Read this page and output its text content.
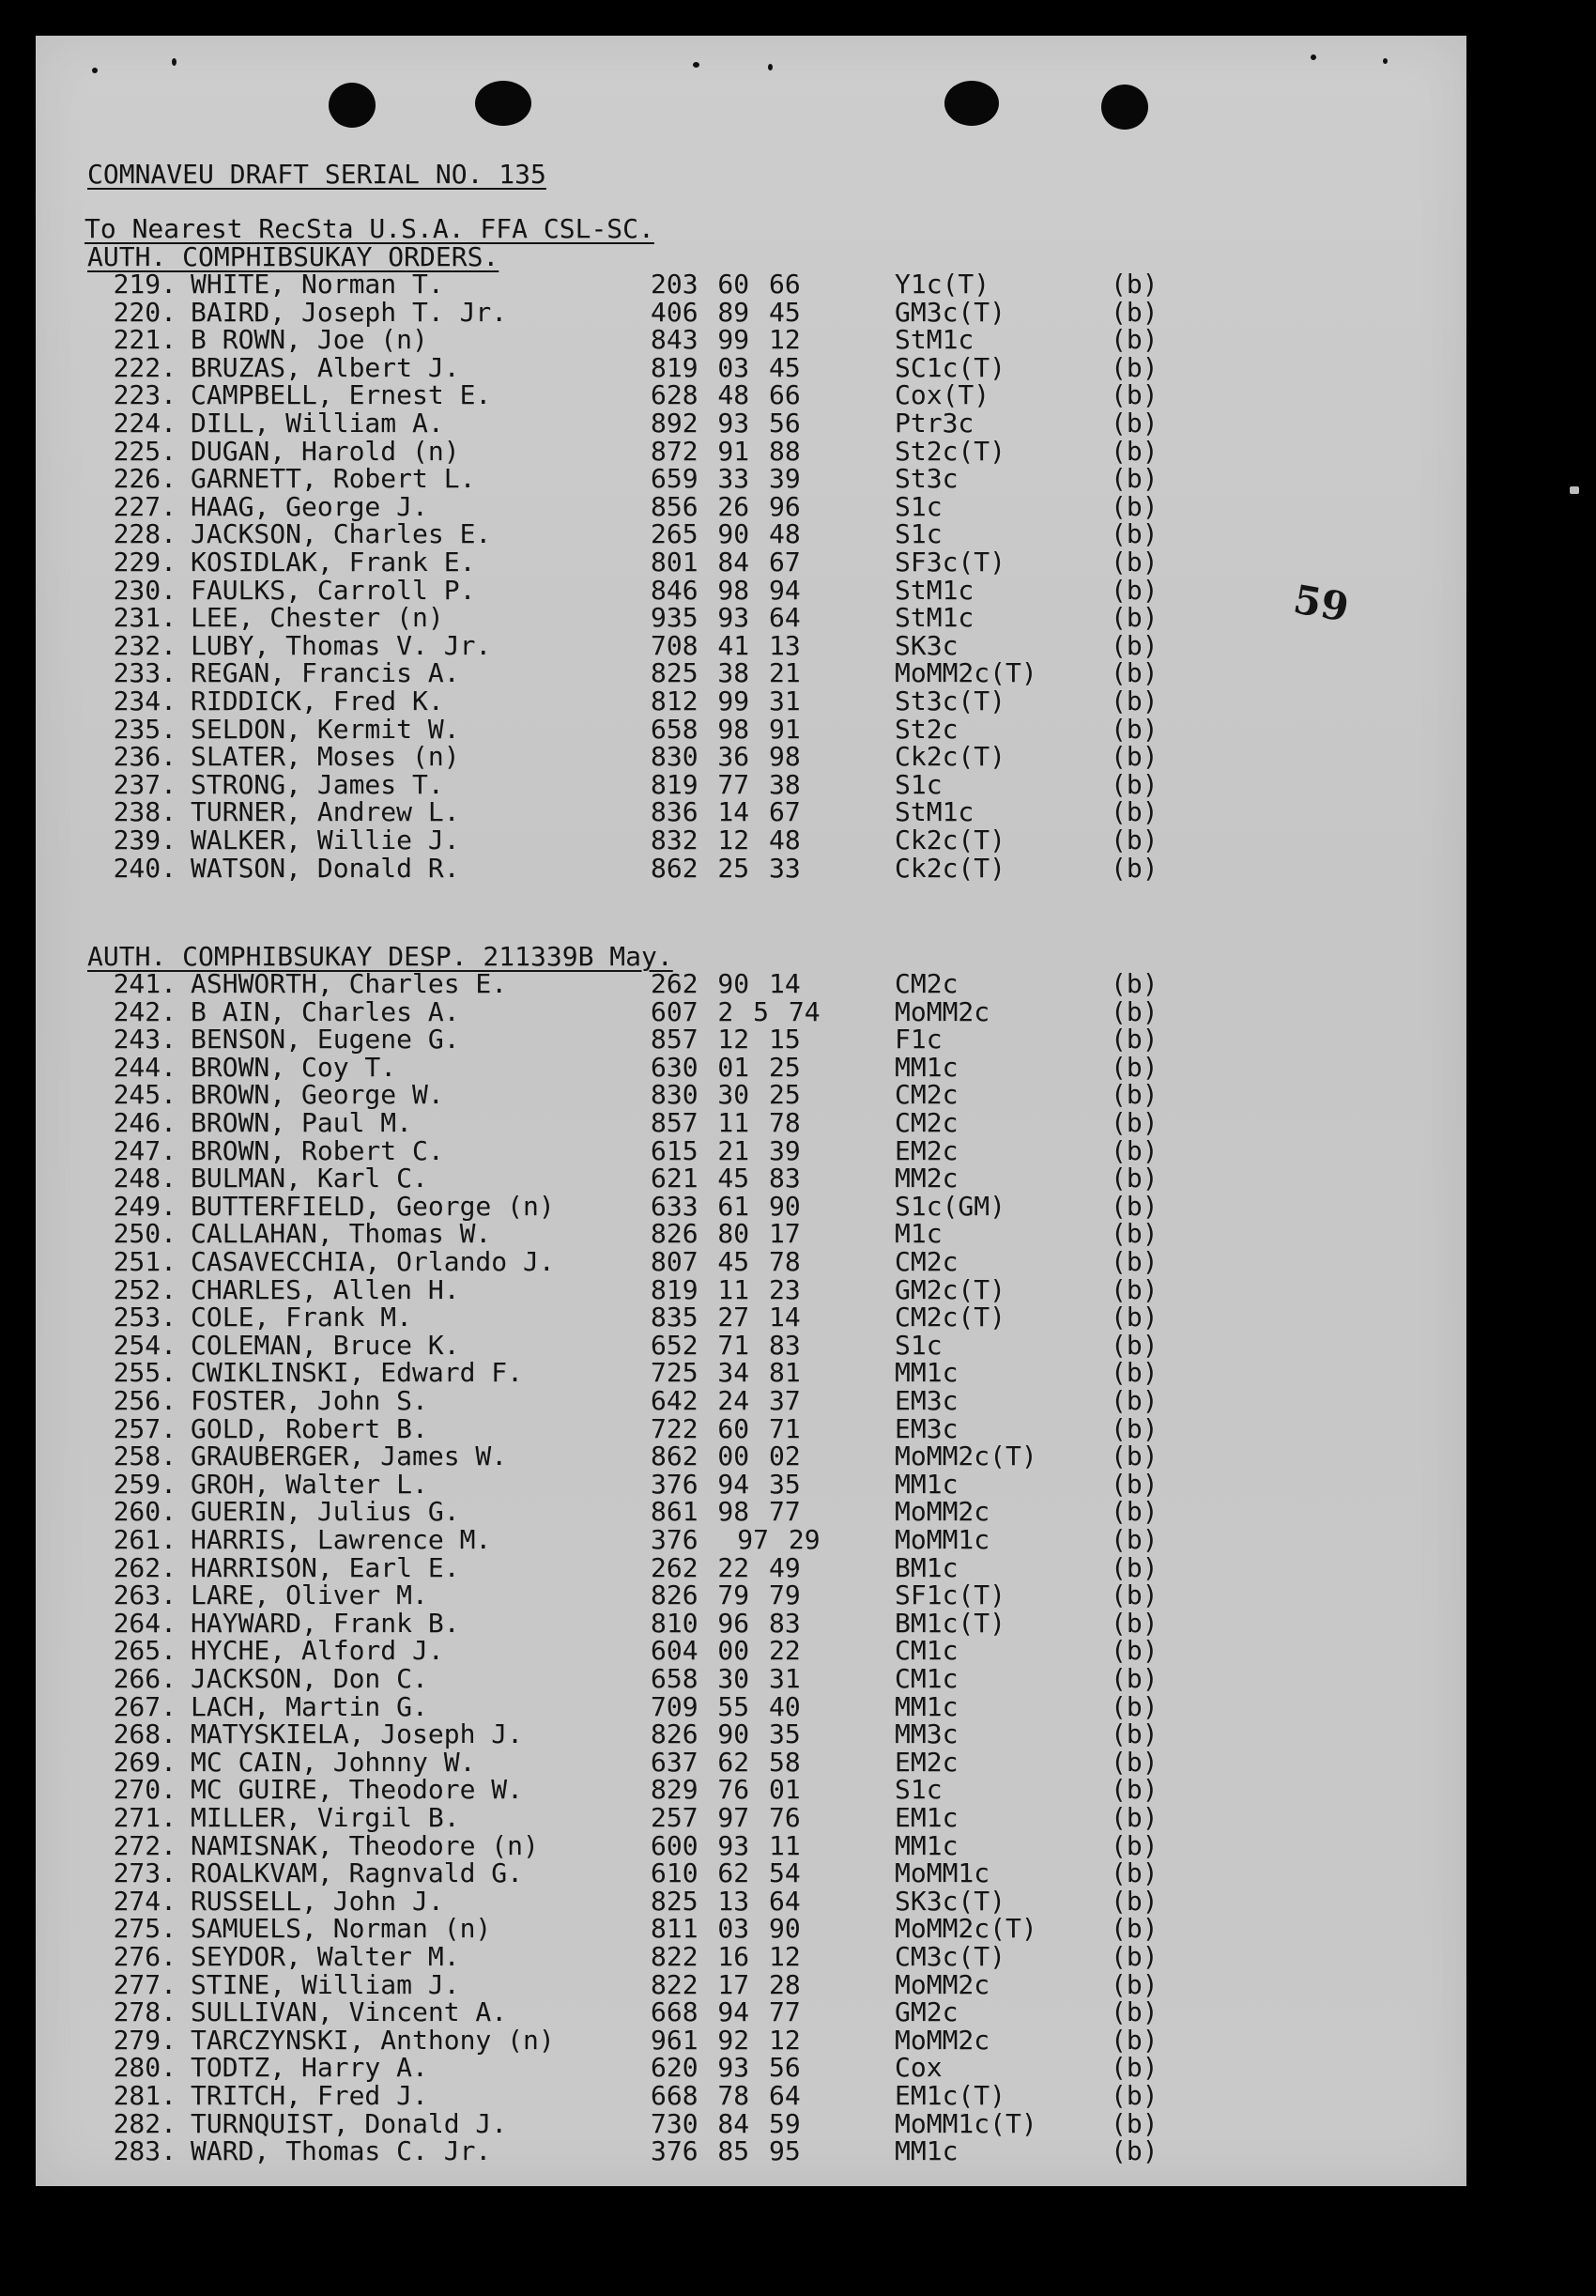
COMNAVEU DRAFT SERIAL NO. 135
To Nearest RecSta U.S.A. FFA CSL-SC.
AUTH. COMPHIBSUKAY ORDERS.
219. WHITE, Norman T.	203 60 66	Y1c(T)	(b)
220. BAIRD, Joseph T. Jr.	406 89 45	GM3c(T)	(b)
221. B ROWN, Joe (n)	843 99 12	StM1c	(b)
222. BRUZAS, Albert J.	819 03 45	SC1c(T)	(b)
223. CAMPBELL, Ernest E.	628 48 66	Cox(T)	(b)
224. DILL, William A.	892 93 56	Ptr3c	(b)
225. DUGAN, Harold (n)	872 91 88	St2c(T)	(b)
226. GARNETT, Robert L.	659 33 39	St3c	(b)
227. HAAG, George J.	856 26 96	S1c	(b)
228. JACKSON, Charles E.	265 90 48	S1c	(b)
229. KOSIDLAK, Frank E.	801 84 67	SF3c(T)	(b)
230. FAULKS, Carroll P.	846 98 94	StM1c	(b)
231. LEE, Chester (n)	935 93 64	StM1c	(b)
232. LUBY, Thomas V. Jr.	708 41 13	SK3c	(b)
233. REGAN, Francis A.	825 38 21	MoMM2c(T)	(b)
234. RIDDICK, Fred K.	812 99 31	St3c(T)	(b)
235. SELDON, Kermit W.	658 98 91	St2c	(b)
236. SLATER, Moses (n)	830 36 98	Ck2c(T)	(b)
237. STRONG, James T.	819 77 38	S1c	(b)
238. TURNER, Andrew L.	836 14 67	StM1c	(b)
239. WALKER, Willie J.	832 12 48	Ck2c(T)	(b)
240. WATSON, Donald R.	862 25 33	Ck2c(T)	(b)
AUTH. COMPHIBSUKAY DESP. 211339B May.
241. ASHWORTH, Charles E.	262 90 14	CM2c	(b)
242. B AIN, Charles A.	607 2 5 74	MoMM2c	(b)
243. BENSON, Eugene G.	857 12 15	F1c	(b)
244. BROWN, Coy T.	630 01 25	MM1c	(b)
245. BROWN, George W.	830 30 25	CM2c	(b)
246. BROWN, Paul M.	857 11 78	CM2c	(b)
247. BROWN, Robert C.	615 21 39	EM2c	(b)
248. BULMAN, Karl C.	621 45 83	MM2c	(b)
249. BUTTERFIELD, George (n)	633 61 90	S1c(GM)	(b)
250. CALLAHAN, Thomas W.	826 80 17	M1c	(b)
251. CASAVECCHIA, Orlando J.	807 45 78	CM2c	(b)
252. CHARLES, Allen H.	819 11 23	GM2c(T)	(b)
253. COLE, Frank M.	835 27 14	CM2c(T)	(b)
254. COLEMAN, Bruce K.	652 71 83	S1c	(b)
255. CWIKLINSKI, Edward F.	725 34 81	MM1c	(b)
256. FOSTER, John S.	642 24 37	EM3c	(b)
257. GOLD, Robert B.	722 60 71	EM3c	(b)
258. GRAUBERGER, James W.	862 00 02	MoMM2c(T)	(b)
259. GROH, Walter L.	376 94 35	MM1c	(b)
260. GUERIN, Julius G.	861 98 77	MoMM2c	(b)
261. HARRIS, Lawrence M.	376  97 29	MoMM1c	(b)
262. HARRISON, Earl E.	262 22 49	BM1c	(b)
263. LARE, Oliver M.	826 79 79	SF1c(T)	(b)
264. HAYWARD, Frank B.	810 96 83	BM1c(T)	(b)
265. HYCHE, Alford J.	604 00 22	CM1c	(b)
266. JACKSON, Don C.	658 30 31	CM1c	(b)
267. LACH, Martin G.	709 55 40	MM1c	(b)
268. MATYSKIELA, Joseph J.	826 90 35	MM3c	(b)
269. MC CAIN, Johnny W.	637 62 58	EM2c	(b)
270. MC GUIRE, Theodore W.	829 76 01	S1c	(b)
271. MILLER, Virgil B.	257 97 76	EM1c	(b)
272. NAMISNAK, Theodore (n)	600 93 11	MM1c	(b)
273. ROALKVAM, Ragnvald G.	610 62 54	MoMM1c	(b)
274. RUSSELL, John J.	825 13 64	SK3c(T)	(b)
275. SAMUELS, Norman (n)	811 03 90	MoMM2c(T)	(b)
276. SEYDOR, Walter M.	822 16 12	CM3c(T)	(b)
277. STINE, William J.	822 17 28	MoMM2c	(b)
278. SULLIVAN, Vincent A.	668 94 77	GM2c	(b)
279. TARCZYNSKI, Anthony (n)	961 92 12	MoMM2c	(b)
280. TODTZ, Harry A.	620 93 56	Cox	(b)
281. TRITCH, Fred J.	668 78 64	EM1c(T)	(b)
282. TURNQUIST, Donald J.	730 84 59	MoMM1c(T)	(b)
283. WARD, Thomas C. Jr.	376 85 95	MM1c	(b)
59
